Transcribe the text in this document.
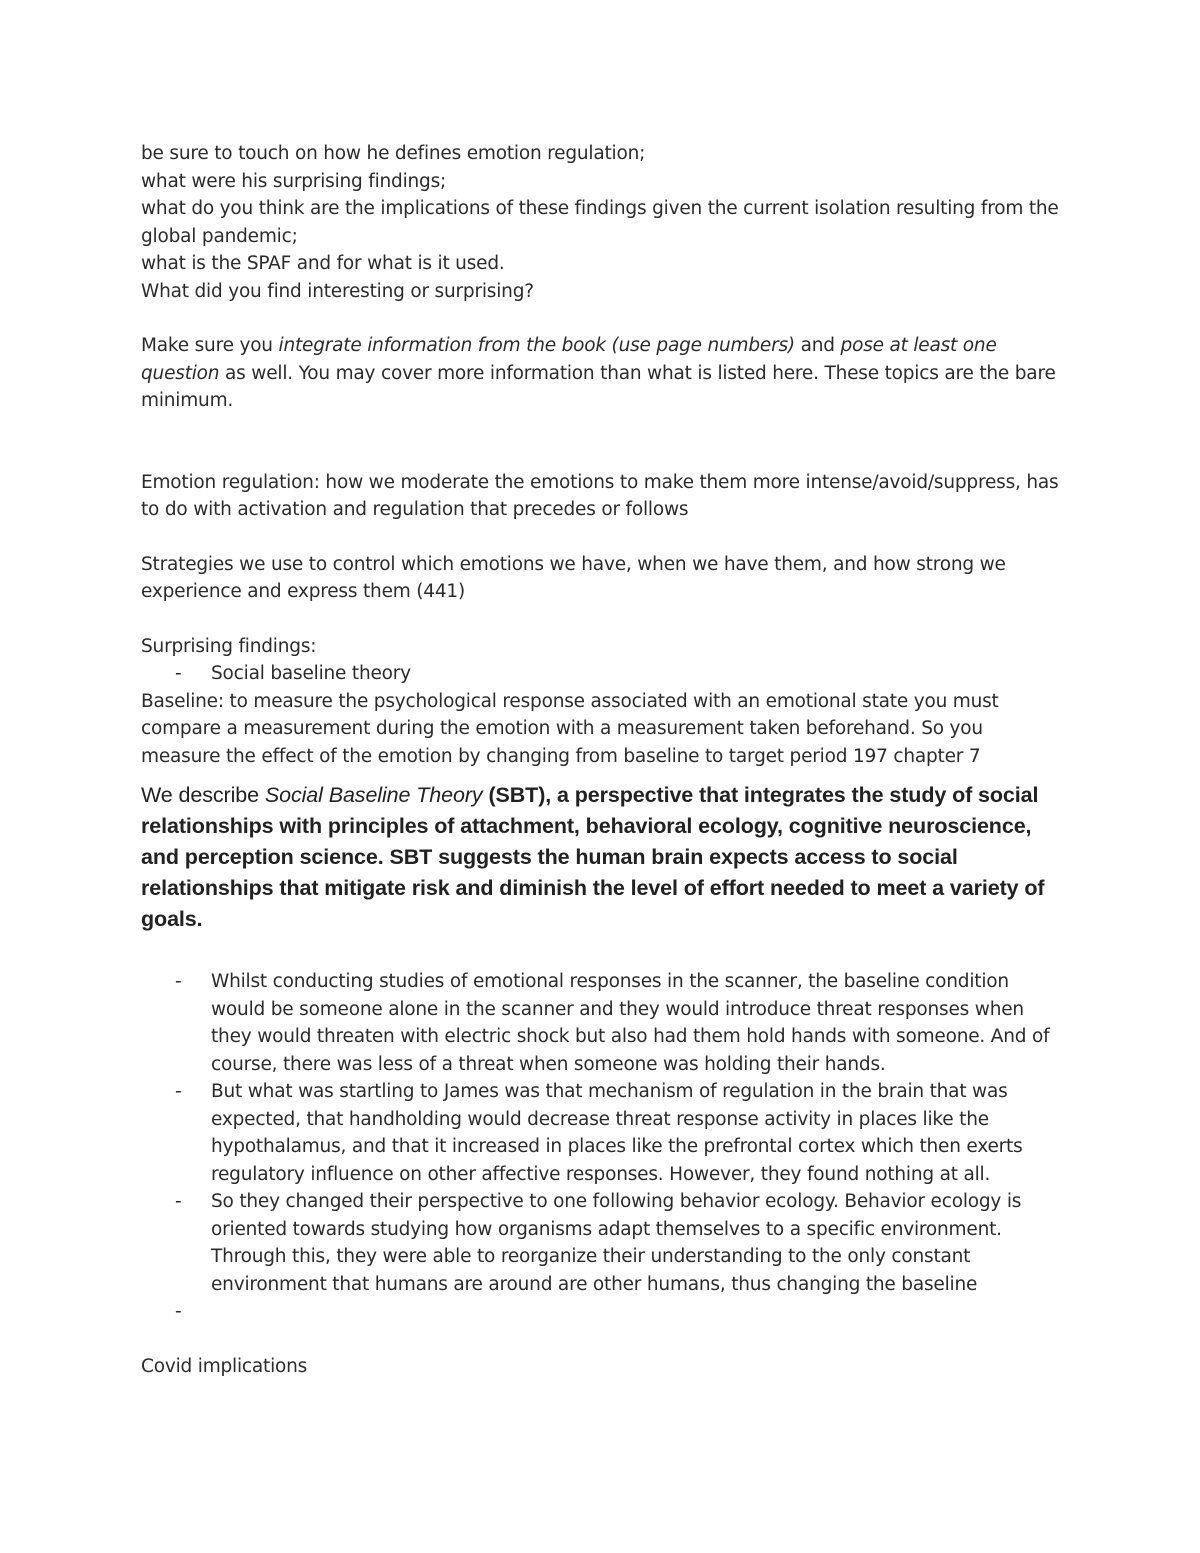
be sure to touch on how he defines emotion regulation;

what were his surprising findings;

what do you think are the implications of these findings given the current isolation resulting from the global pandemic;

what is the SPAF and for what is it used.

What did you find interesting or surprising?

Make sure you integrate information from the book (use page numbers) and pose at least one question as well. You may cover more information than what is listed here. These topics are the bare minimum.

Emotion regulation: how we moderate the emotions to make them more intense/avoid/suppress, has to do with activation and regulation that precedes or follows

Strategies we use to control which emotions we have, when we have them, and how strong we experience and express them (441)

Surprising findings:

- Social baseline theory

Baseline: to measure the psychological response associated with an emotional state you must compare a measurement during the emotion with a measurement taken beforehand. So you measure the effect of the emotion by changing from baseline to target period 197 chapter 7

We describe Social Baseline Theory (SBT), a perspective that integrates the study of social relationships with principles of attachment, behavioral ecology, cognitive neuroscience, and perception science. SBT suggests the human brain expects access to social relationships that mitigate risk and diminish the level of effort needed to meet a variety of goals.

- Whilst conducting studies of emotional responses in the scanner, the baseline condition would be someone alone in the scanner and they would introduce threat responses when they would threaten with electric shock but also had them hold hands with someone. And of course, there was less of a threat when someone was holding their hands.
- But what was startling to James was that mechanism of regulation in the brain that was expected, that handholding would decrease threat response activity in places like the hypothalamus, and that it increased in places like the prefrontal cortex which then exerts regulatory influence on other affective responses. However, they found nothing at all.
- So they changed their perspective to one following behavior ecology. Behavior ecology is oriented towards studying how organisms adapt themselves to a specific environment. Through this, they were able to reorganize their understanding to the only constant environment that humans are around are other humans, thus changing the baseline
-

Covid implications
